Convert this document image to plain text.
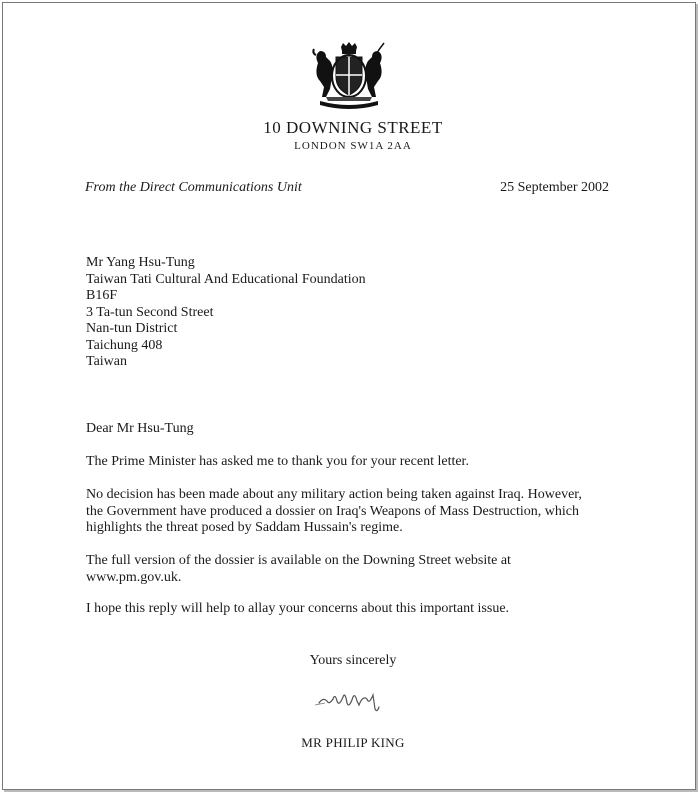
10 DOWNING STREET
LONDON SW1A 2AA
From the Direct Communications Unit	25 September 2002
Mr Yang Hsu-Tung
Taiwan Tati Cultural And Educational Foundation
B16F
3 Ta-tun Second Street
Nan-tun District
Taichung 408
Taiwan
Dear Mr Hsu-Tung
The Prime Minister has asked me to thank you for your recent letter.
No decision has been made about any military action being taken against Iraq. However,
the Government have produced a dossier on Iraq's Weapons of Mass Destruction, which
highlights the threat posed by Saddam Hussain's regime.
The full version of the dossier is available on the Downing Street website at
www.pm.gov.uk.
I hope this reply will help to allay your concerns about this important issue.
Yours sincerely
MR PHILIP KING
